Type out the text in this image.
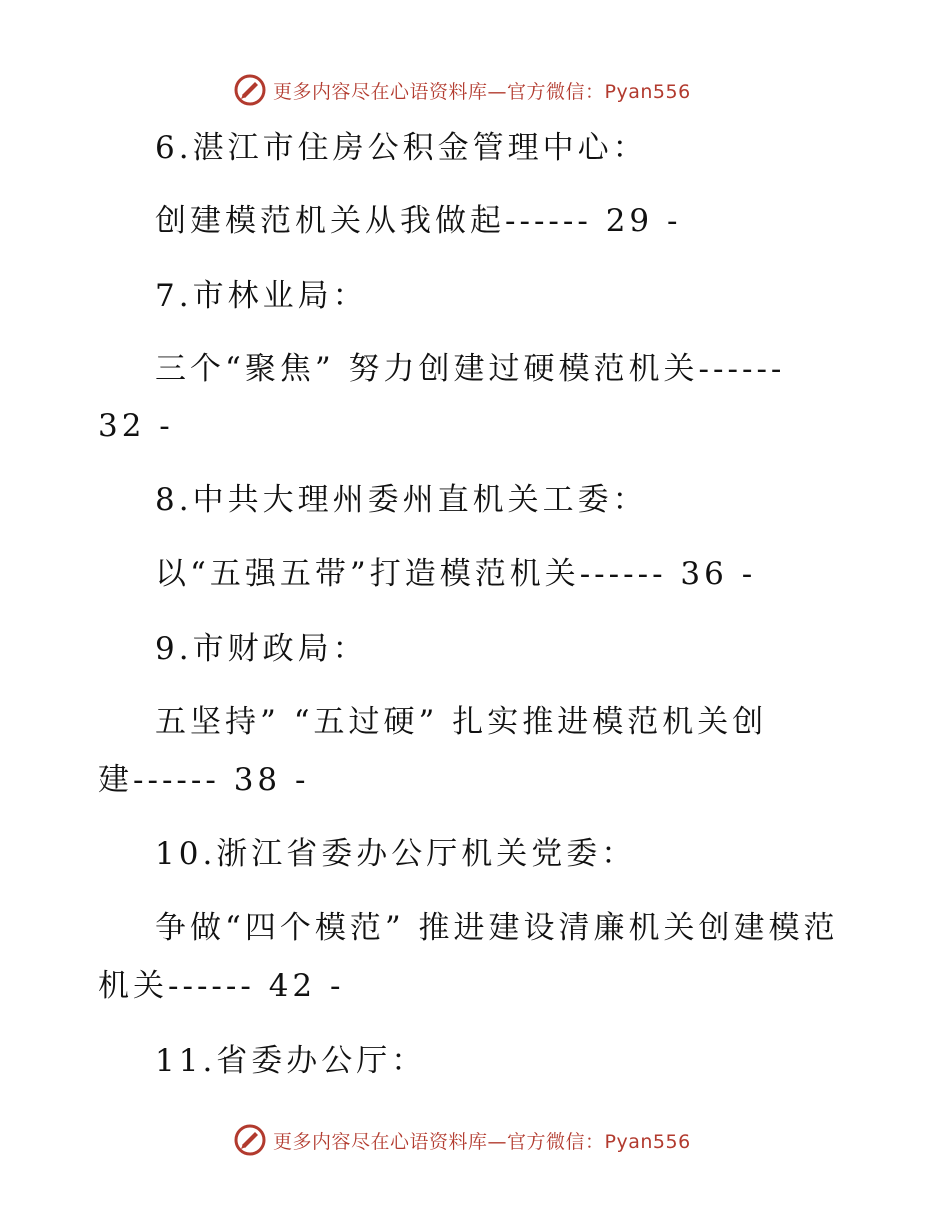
更多内容尽在心语资料库—官方微信：Pyan556
6.湛江市住房公积金管理中心：
创建模范机关从我做起------ 29 -
7.市林业局：
三个“聚焦” 努力创建过硬模范机关------
32 -
8.中共大理州委州直机关工委：
以“五强五带”打造模范机关------ 36 -
9.市财政局：
五坚持” “五过硬” 扎实推进模范机关创
建------ 38 -
10.浙江省委办公厅机关党委：
争做“四个模范” 推进建设清廉机关创建模范
机关------ 42 -
11.省委办公厅：
更多内容尽在心语资料库—官方微信：Pyan556
